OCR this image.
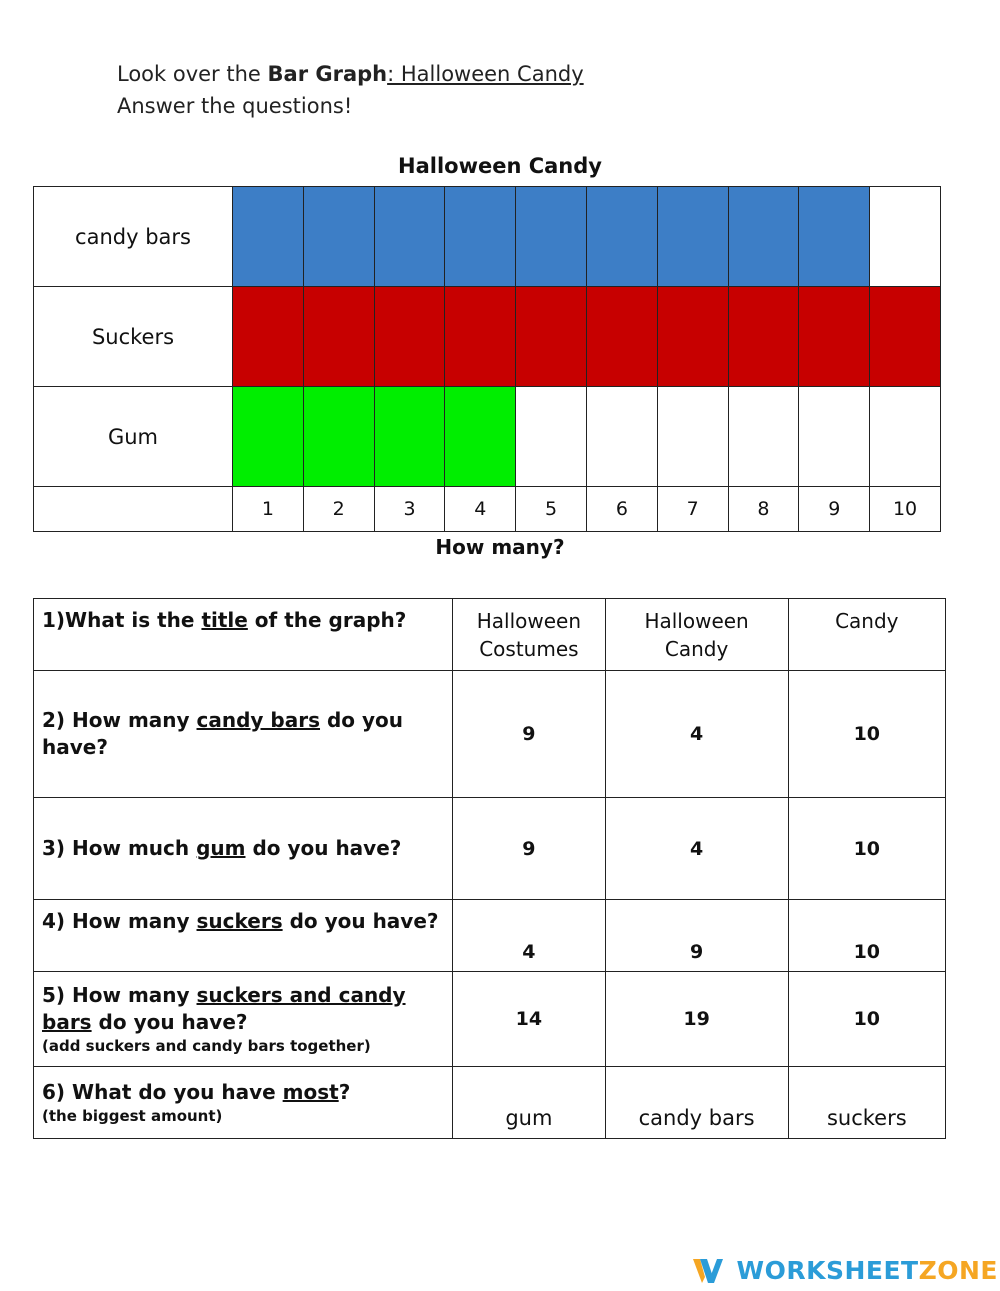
Look over the Bar Graph: Halloween Candy
Answer the questions!
Halloween Candy
candy bars										
Suckers										
Gum										
	1	2	3	4	5	6	7	8	9	10
How many?
1)What is the title of the graph?	Halloween Costumes	Halloween Candy	Candy
2) How many candy bars do you have?	9	4	10
3) How much gum do you have?	9	4	10
4) How many suckers do you have?	4	9	10
5) How many suckers and candy bars do you have?
(add suckers and candy bars together)	14	19	10
6) What do you have most?
(the biggest amount)	gum	candy bars	suckers
WORKSHEETZONE
